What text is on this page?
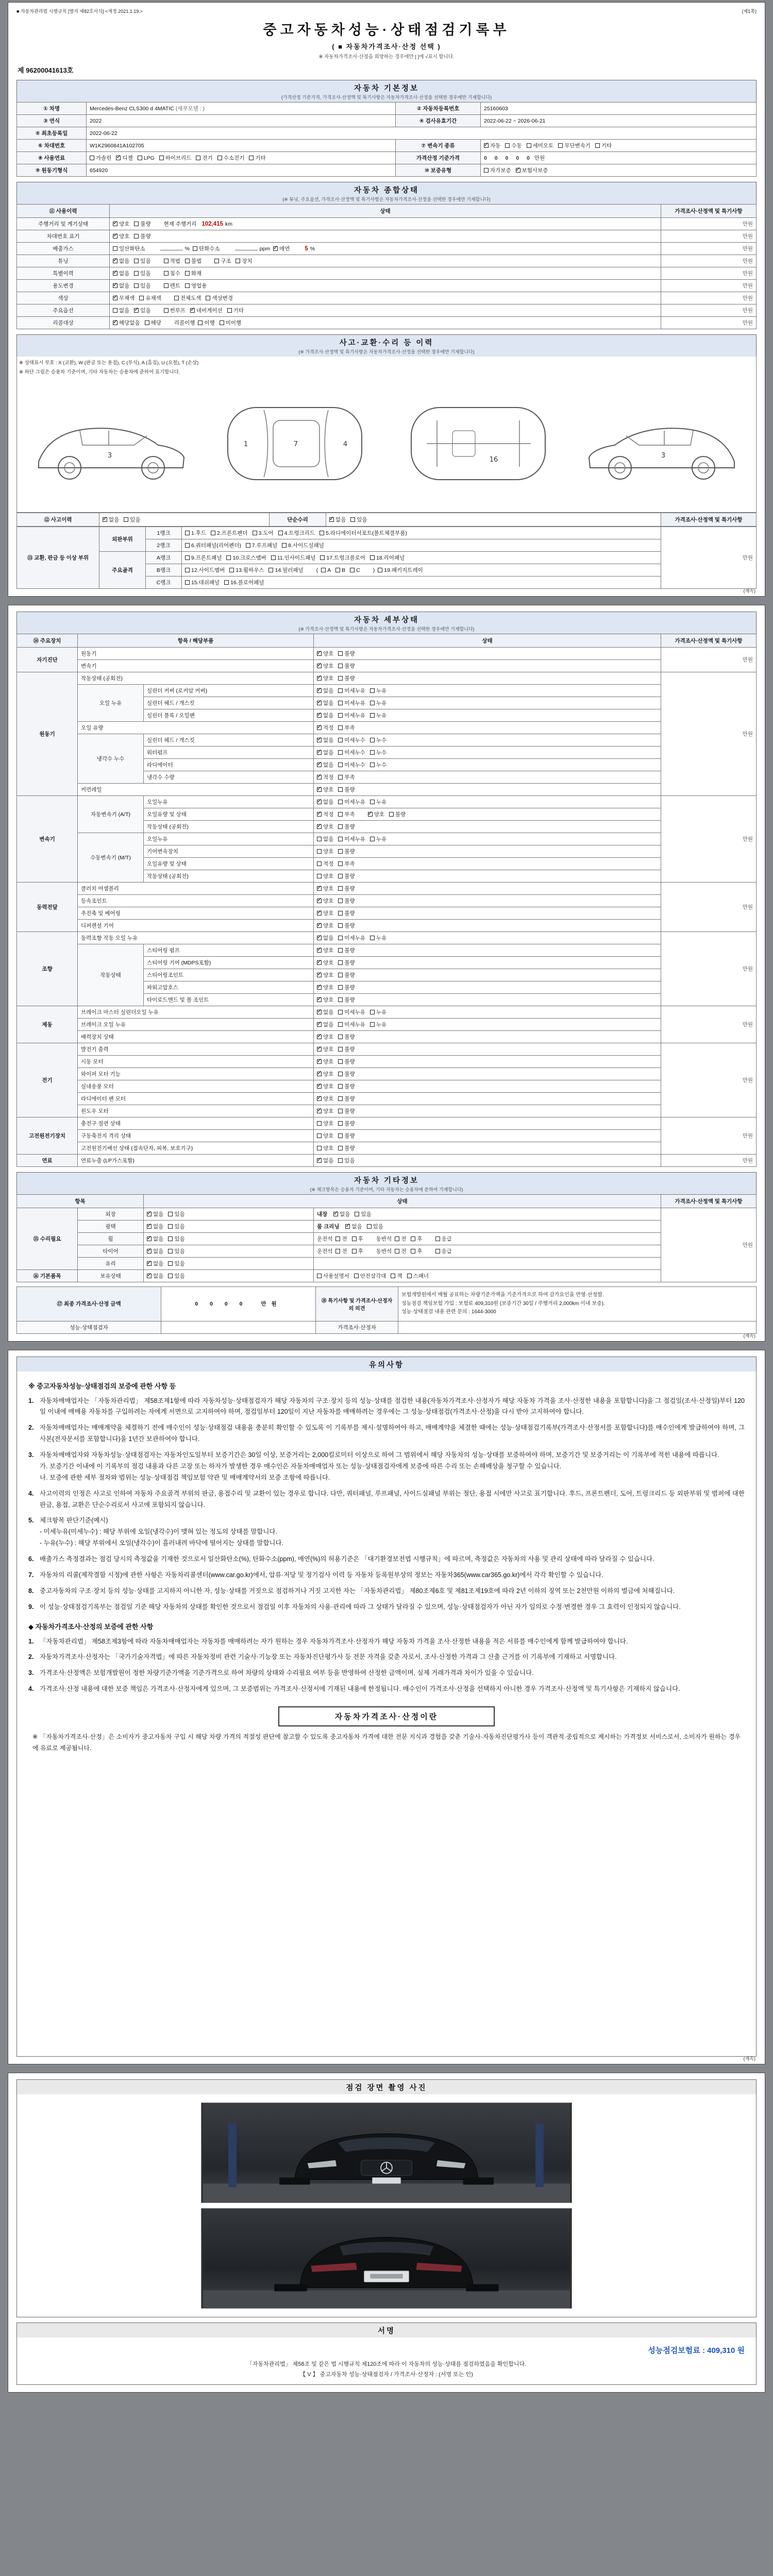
■ 자동차관리법 시행규칙 [별지 제82호서식] <개정 2021.1.19.>	(제1쪽)
중고자동차성능·상태점검기록부
( ■ 자동차가격조사·산정 선택 )
※ 자동차가격조사·산정을 희망하는 경우에만 [ ]에 √표시 합니다.
제 96200041613호
자동차 기본정보
(가격산정 기준가격, 가격조사·산정액 및 특기사항은 자동차가격조사·산정을 선택한 경우에만 기재합니다)
① 차명	Mercedes-Benz CLS300 d 4MATIC (세부모델 : )	② 자동차등록번호	25160603
③ 연식	2022	④ 검사유효기간	2022-06-22 ~ 2026-06-21
⑤ 최초등록일	2022-06-22		
⑥ 차대번호	W1K2960841A102705	⑦ 변속기 종류	✓자동 수동 세미오토 무단변속기 기타
⑧ 사용연료	가솔린 ✓ 디젤 LPG 하이브리드 전기 수소전기 기타	가격산정 기준가격	0 0 0 0 0 만원
⑨ 원동기형식	654920	⑩ 보증유형	자가보증 ✓ 보험사보증
자동차 종합상태
(※ 튜닝, 주요옵션, 가격조사·산정액 및 특기사항은 자동차가격조사·산정을 선택한 경우에만 기재합니다)
⑪ 사용이력	상태	가격조사·산정액 및 특기사항
주행거리 및 계기상태	✓양호 불량 현재 주행거리 102,415 km	만원
차대번호 표기	✓양호 불량	만원
배출가스	일산화탄소 % 탄화수소 ppm ✓ 매연 5 %	만원
튜닝	✓없음 있음 적법 불법 구조 장치	만원
특별이력	✓없음 있음 침수 화재	만원
용도변경	✓없음 있음 렌트 영업용	만원
색상	✓무채색 유채색 전체도색 색상변경	만원
주요옵션	없음 ✓ 있음 썬루프 ✓ 네비게이션 기타	만원
리콜대상	✓해당없음 해당 리콜이행 이행 미이행	만원
사고·교환·수리 등 이력
(※ 가격조사·산정액 및 특기사항은 자동차가격조사·산정을 선택한 경우에만 기재합니다)
※ 상태표시 부호 : X (교환), W (판금 또는 용접), C (부식), A (흠집), U (요철), T (손상)
※ 하단 그림은 승용차 기준이며, 기타 자동차는 승용차에 준하여 표기합니다.
3
1	7	4
16
3
⑫ 사고이력	✓없음 있음	단순수리	✓없음 있음	가격조사·산정액 및 특기사항
⑬ 교환, 판금 등 이상 부위	외판부위	1랭크	1.후드 2.프론트펜더 3.도어 4.트렁크리드 5.라디에이터서포트(볼트체결부품)	만원
		2랭크	6.쿼터패널(리어펜더) 7.루프패널 8.사이드실패널	
	주요골격	A랭크	9.프론트패널 10.크로스멤버 11.인사이드패널 17.트렁크플로어 18.리어패널	
		B랭크	12.사이드멤버 13.휠하우스 14.필러패널 ( A B C ) 19.패키지트레이	
		C랭크	15.대쉬패널 16.플로어패널	
(계속)
자동차 세부상태
(※ 가격조사·산정액 및 특기사항은 자동차가격조사·산정을 선택한 경우에만 기재합니다)
⑭ 주요장치	항목 / 해당부품		상태	가격조사·산정액 및 특기사항
자기진단	원동기	✓양호 불량	만원
	변속기	✓양호 불량
원동기	작동상태 (공회전)	✓양호 불량	만원
	오일 누유	실린더 커버 (로커암 커버)	✓없음 미세누유 누유
		실린더 헤드 / 개스킷	✓없음 미세누유 누유
		실린더 블록 / 오일팬	✓없음 미세누유 누유
	오일 유량	✓적정 부족
	냉각수 누수	실린더 헤드 / 개스킷	✓없음 미세누수 누수
		워터펌프	✓없음 미세누수 누수
		라디에이터	✓없음 미세누수 누수
		냉각수 수량	✓적정 부족
	커먼레일	✓양호 불량
변속기	자동변속기 (A/T)	오일누유	✓없음 미세누유 누유	만원
		오일유량 및 상태	✓적정 부족 ✓ 양호 불량
		작동상태 (공회전)	✓양호 불량
	수동변속기 (M/T)	오일누유	없음 미세누유 누유	
		기어변속장치	양호 불량	
		오일유량 및 상태	적정 부족	
		작동상태 (공회전)	양호 불량	
동력전달	클러치 어셈블리	✓양호 불량	만원
	등속조인트	✓양호 불량
	추진축 및 베어링	✓양호 불량
	디퍼렌셜 기어	✓양호 불량
조향	동력조향 작동 오일 누유	✓없음 미세누유 누유	만원
	작동상태	스티어링 펌프	✓양호 불량
		스티어링 기어 (MDPS포함)	✓양호 불량
		스티어링조인트	✓양호 불량
		파워고압호스	✓양호 불량
		타이로드엔드 및 볼 조인트	✓양호 불량
제동	브레이크 마스터 실린더오일 누유	✓없음 미세누유 누유	만원
	브레이크 오일 누유	✓없음 미세누유 누유
	배력장치 상태	✓양호 불량
전기	발전기 출력	✓양호 불량	만원
	시동 모터	✓양호 불량
	와이퍼 모터 기능	✓양호 불량
	실내송풍 모터	✓양호 불량
	라디에이터 팬 모터	✓양호 불량
	윈도우 모터	✓양호 불량
고전원전기장치	충전구 절연 상태		양호 불량	만원
	구동축전지 격리 상태		양호 불량	
	고전원전기배선 상태 (접속단자, 피복, 보호기구)		양호 불량	
연료	연료누출 (LP가스포함)	✓없음 있음	만원
자동차 기타정보
(※ 체크항목은 승용차 기준이며, 기타 자동차는 승용차에 준하여 기재합니다)
항목		상태		가격조사·산정액 및 특기사항
⑮ 수리필요	외장	✓없음 있음	내장 ✓ 없음 있음	만원
	광택	✓없음 있음	룸 크리닝 ✓ 없음 있음
	휠	✓없음 있음	운전석 전 후 동반석 전 후 응급	
	타이어	✓없음 있음	운전석 전 후 동반석 전 후 응급	
	유리	✓없음 있음	
⑯ 기본품목	보유상태	✓없음 있음	사용설명서 안전삼각대 잭 스패너	
⑰ 최종 가격조사·산정 금액	0 0 0 0 만원	⑱ 특기사항 및 가격조사·산정자의 의견	보험개발원에서 매월 공표하는 차량기준가액을 기준가격으로 하여 감가요인을 반영·산정함.
성능점검 책임보험 가입 : 보험료 409,310원 (보증기간 30일 / 주행거리 2,000km 이내 보증).
성능·상태점검 내용 관련 문의 : 1644-3000

성능·상태점검자		가격조사·산정자	
(계속)
유의사항
※ 중고자동차성능·상태점검의 보증에 관한 사항 등
1. 자동차매매업자는 「자동차관리법」 제58조제1항에 따라 자동차성능·상태점검자가 해당 자동차의 구조·장치 등의 성능·상태를 점검한 내용(자동차가격조사·산정자가 해당 자동차 가격을 조사·산정한 내용을 포함합니다)을 그 점검일(조사·산정일)부터 120일 이내에 매매용 자동차를 구입하려는 자에게 서면으로 고지하여야 하며, 점검일부터 120일이 지난 자동차를 매매하려는 경우에는 그 성능·상태점검(가격조사·산정)을 다시 받아 고지하여야 합니다.
2. 자동차매매업자는 매매계약을 체결하기 전에 매수인이 성능·상태점검 내용을 충분히 확인할 수 있도록 이 기록부를 제시·설명하여야 하고, 매매계약을 체결한 때에는 성능·상태점검기록부(가격조사·산정서를 포함합니다)를 매수인에게 발급하여야 하며, 그 사본(전자문서를 포함합니다)을 1년간 보관하여야 합니다.
3. 자동차매매업자와 자동차성능·상태점검자는 자동차인도일부터 보증기간은 30일 이상, 보증거리는 2,000킬로미터 이상으로 하여 그 범위에서 해당 자동차의 성능·상태를 보증하여야 하며, 보증기간 및 보증거리는 이 기록부에 적힌 내용에 따릅니다.
가. 보증기간 이내에 이 기록부의 점검 내용과 다른 고장 또는 하자가 발생한 경우 매수인은 자동차매매업자 또는 성능·상태점검자에게 보증에 따른 수리 또는 손해배상을 청구할 수 있습니다.
나. 보증에 관한 세부 절차와 범위는 성능·상태점검 책임보험 약관 및 매매계약서의 보증 조항에 따릅니다.
4. 사고이력의 인정은 사고로 인하여 자동차 주요골격 부위의 판금, 용접수리 및 교환이 있는 경우로 합니다. 다만, 쿼터패널, 루프패널, 사이드실패널 부위는 절단, 용접 시에만 사고로 표기합니다. 후드, 프론트펜더, 도어, 트렁크리드 등 외판부위 및 범퍼에 대한 판금, 용접, 교환은 단순수리로서 사고에 포함되지 않습니다.
5. 체크항목 판단기준(예시)
- 미세누유(미세누수) : 해당 부위에 오일(냉각수)이 맺혀 있는 정도의 상태를 말합니다.
- 누유(누수) : 해당 부위에서 오일(냉각수)이 흘러내려 바닥에 떨어지는 상태를 말합니다.
6. 배출가스 측정결과는 점검 당시의 측정값을 기재한 것으로서 일산화탄소(%), 탄화수소(ppm), 매연(%)의 허용기준은 「대기환경보전법 시행규칙」에 따르며, 측정값은 자동차의 사용 및 관리 상태에 따라 달라질 수 있습니다.
7. 자동차의 리콜(제작결함 시정)에 관한 사항은 자동차리콜센터(www.car.go.kr)에서, 압류·저당 및 정기검사 이력 등 자동차 등록원부상의 정보는 자동차365(www.car365.go.kr)에서 각각 확인할 수 있습니다.
8. 중고자동차의 구조·장치 등의 성능·상태를 고지하지 아니한 자, 성능·상태를 거짓으로 점검하거나 거짓 고지한 자는 「자동차관리법」 제80조제6호 및 제81조제19호에 따라 2년 이하의 징역 또는 2천만원 이하의 벌금에 처해집니다.
9. 이 성능·상태점검기록부는 점검일 기준 해당 자동차의 상태를 확인한 것으로서 점검일 이후 자동차의 사용·관리에 따라 그 상태가 달라질 수 있으며, 성능·상태점검자가 아닌 자가 임의로 수정·변경한 경우 그 효력이 인정되지 않습니다.
◆ 자동차가격조사·산정의 보증에 관한 사항
1. 「자동차관리법」 제58조제3항에 따라 자동차매매업자는 자동차를 매매하려는 자가 원하는 경우 자동차가격조사·산정자가 해당 자동차 가격을 조사·산정한 내용을 적은 서류를 매수인에게 함께 발급하여야 합니다.
2. 자동차가격조사·산정자는 「국가기술자격법」에 따른 자동차정비 관련 기술사·기능장 또는 자동차진단평가사 등 전문 자격을 갖춘 자로서, 조사·산정한 가격과 그 산출 근거를 이 기록부에 기재하고 서명합니다.
3. 가격조사·산정액은 보험개발원이 정한 차량기준가액을 기준가격으로 하여 차량의 상태와 수리필요 여부 등을 반영하여 산정한 금액이며, 실제 거래가격과 차이가 있을 수 있습니다.
4. 가격조사·산정 내용에 대한 보증 책임은 가격조사·산정자에게 있으며, 그 보증범위는 가격조사·산정서에 기재된 내용에 한정됩니다. 매수인이 가격조사·산정을 선택하지 아니한 경우 가격조사·산정액 및 특기사항은 기재하지 않습니다.
자동차가격조사·산정이란
※ 「자동차가격조사·산정」은 소비자가 중고자동차 구입 시 해당 차량 가격의 적절성 판단에 참고할 수 있도록 중고자동차 가격에 대한 전문 지식과 경험을 갖춘 기술사·자동차진단평가사 등이 객관적·중립적으로 제시하는 가격정보 서비스로서, 소비자가 원하는 경우에 유료로 제공됩니다.
(계속)
점검 장면 촬영 사진
서명
성능점검보험료 : 409,310 원
「자동차관리법」 제58조 및 같은 법 시행규칙 제120조에 따라 이 자동차의 성능·상태를 점검하였음을 확인합니다.
【 V 】 중고자동차 성능·상태점검자 / 가격조사·산정자 : (서명 또는 인)
